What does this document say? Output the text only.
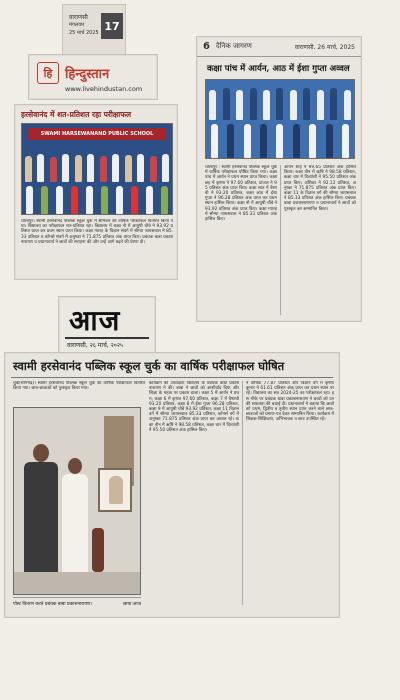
वाराणसी
मंगलवार
25 मार्च 2025
17
हि हिन्दुस्तान
www.livehindustan.com
हरसेवानंद में शत-प्रतिशत रहा परीक्षाफल
SWAMI HARSEWANAND PUBLIC SCHOOL
चोलापुर। स्वामी हरसेवानंद पब्लिक स्कूल चुर्क में सोमवार को वार्षिक परीक्षाफल वितरित किया गया। विद्यालय का परीक्षाफल शत-प्रतिशत रहा। विद्यालय में कक्षा नौ में आयुषी चौबे ने 93.92 प्रतिशत प्राप्त कर प्रथम स्थान प्राप्त किया। कक्षा ग्यारह के विज्ञान संवर्ग में सौम्या जायसवाल ने 85.33 प्रतिशत व कॉमर्स संवर्ग में अनुष्का ने 71.875 प्रतिशत अंक प्राप्त किए। प्रबंधक बाबा प्रकाशनारायण व प्रधानाचार्य ने छात्रों की सराहना की और उन्हें आगे बढ़ने की प्रेरणा दी।
6 दैनिक जागरण	वाराणसी, 26 मार्च, 2025
कक्षा पांच में आर्यन, आठ में ईशा गुप्ता अव्वल
चोलापुर : स्वामी हरसेवानंद पब्लिक स्कूल चुर्क में वार्षिक परीक्षाफल घोषित किया गया। कक्षा पांच में आर्यन ने प्रथम स्थान प्राप्त किया। कक्षा छह में कृष्णा ने 97.60 प्रतिशत, प्रांजल ने 95 प्रतिशत अंक प्राप्त किए। कक्षा सात में वैष्णवी ने 93.20 प्रतिशत, कक्षा आठ में ईशा गुप्ता ने 96.28 प्रतिशत अंक प्राप्त कर प्रथम स्थान हासिल किया। कक्षा नौ में आयुषी चौबे ने 93.92 प्रतिशत अंक प्राप्त किए। कक्षा ग्यारह में सौम्या जायसवाल ने 85.33 प्रतिशत अंक हासिल किए।
आर्यन शाह ने 99.65 प्रतिशत अंक हासिल किया। कक्षा तीन में ऋषि ने 98.58 प्रतिशत, कक्षा चार में दिव्यांशी ने 95.50 प्रतिशत अंक प्राप्त किए। अंशिका ने 92.13 प्रतिशत, अनुष्का ने 71.875 प्रतिशत अंक प्राप्त किए। कक्षा 11 के विज्ञान वर्ग की सौम्या जायसवाल ने 85.33 प्रतिशत अंक हासिल किए। प्रबंधक बाबा प्रकाशनारायण व प्रधानाचार्य ने छात्रों को पुरस्कृत कर सम्मानित किया।
आज
वाराणसी, २६ मार्च, २०२५
स्वामी हरसेवानंद पब्लिक स्कूल चुर्क का वार्षिक परीक्षाफल घोषित
चुर्क(सोनभद्र)। स्वामी हरसेवानंद पब्लिक स्कूल चुर्क का वार्षिक परीक्षाफल वितरित किया गया। छात्र-छात्राओं को पुरस्कृत किया गया।
पोस्ट वितरण करते प्रबंधक बाबा प्रकाशनारायण।	छाया:आज
कार्यक्रम की अध्यक्षता विद्यालय के प्रबंधक बाबा प्रकाशनारायण ने की। बाबा ने छात्रों को आशीर्वाद दिया और शिक्षा के महत्व पर प्रकाश डाला। कक्षा 5 में आर्यन ने प्रथम, कक्षा 6 में कृष्णा 97.60 प्रतिशत, कक्षा 7 में वैष्णवी 93.20 प्रतिशत, कक्षा 8 में ईशा गुप्ता 96.28 प्रतिशत, कक्षा 9 में आयुषी चौबे 93.92 प्रतिशत, कक्षा 11 विज्ञान वर्ग में सौम्या जायसवाल 85.33 प्रतिशत, कॉमर्स वर्ग में अनुष्का 71.875 प्रतिशत अंक प्राप्त कर अव्वल रहे। कक्षा तीन में ऋषि ने 98.58 प्रतिशत, कक्षा चार में दिव्यांशी ने 95.50 प्रतिशत अंक हासिल किए।
ने वार्षिक 77.87 प्रतिशत और विज्ञान वर्ग में कृष्णा कुमार ने 61.61 प्रतिशत अंक प्राप्त कर प्रथम स्थान पर रहे। विद्यालय का सत्र 2024-25 का परीक्षाफल रहा। इस मौके पर प्रबंधक बाबा प्रकाशनारायण ने बच्चों को उनकी सफलता की बधाई दी। प्रधानाचार्य ने बताया कि छात्रों को प्रथम, द्वितीय व तृतीय स्थान प्राप्त करने वाले छात्र-छात्राओं को प्रमाण-पत्र देकर सम्मानित किया। कार्यक्रम में शिक्षक-शिक्षिकाएं, अभिभावक व छात्र उपस्थित रहे।
